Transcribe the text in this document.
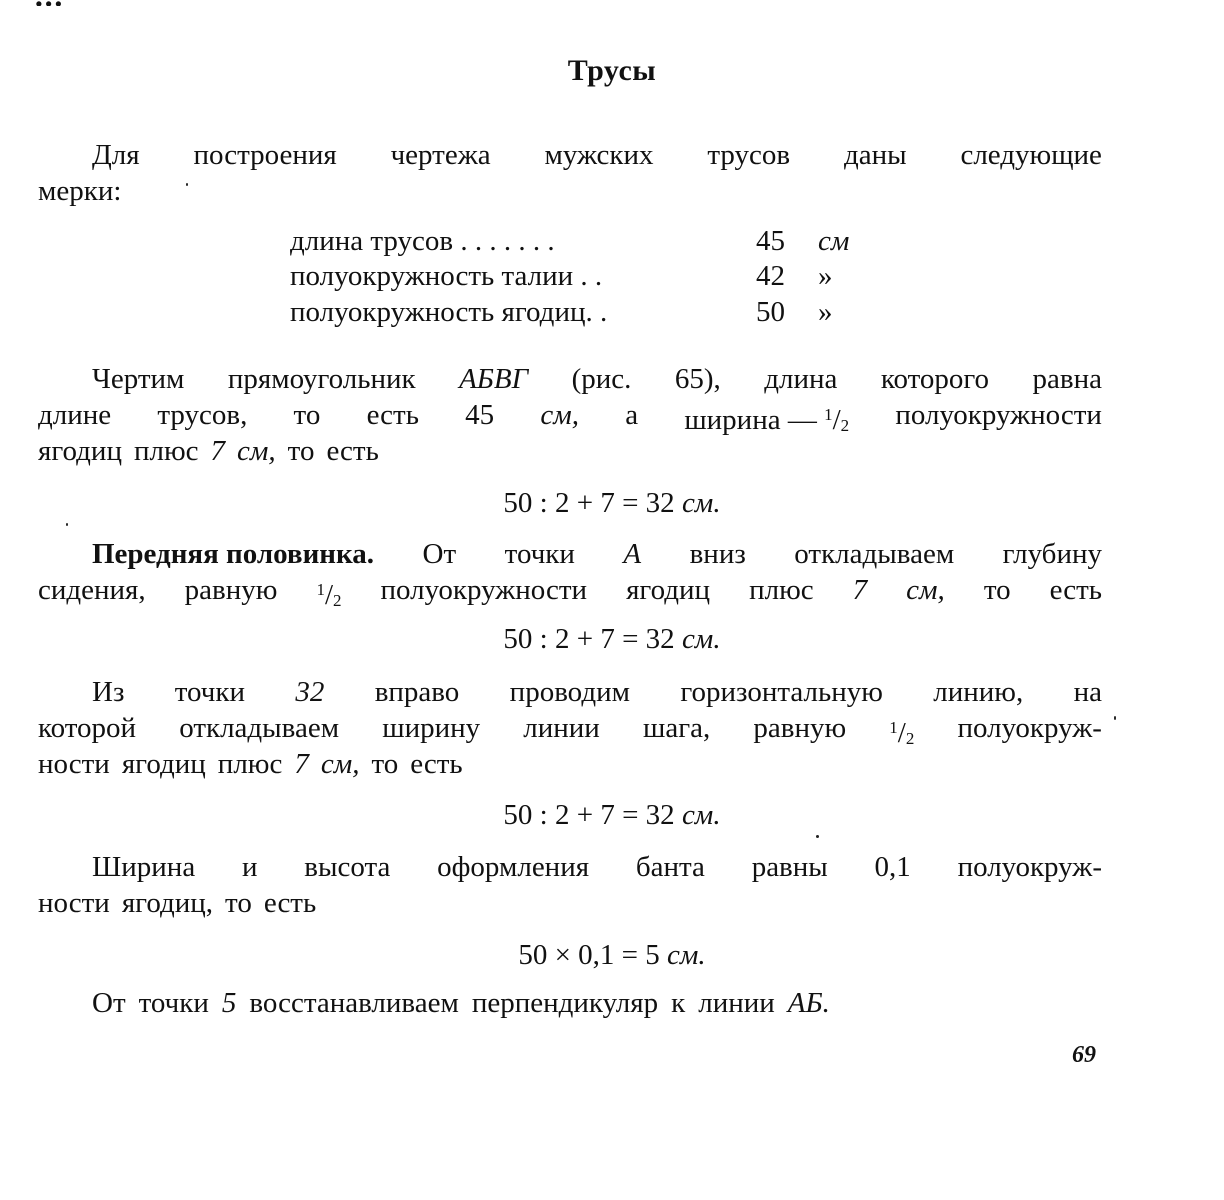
Трусы
Для построения чертежа мужских трусов даны следующие
мерки:
длина трусов . . . . . . .	45 см
полуокружность талии . .	42 »
полуокружность ягодиц. .	50 »
Чертим прямоугольник АБВГ (рис. 65), длина которого равна
длине трусов, то есть 45 см, а ширина — $^1/_2$ полуокружности
ягодиц плюс 7 см, то есть
50 : 2 + 7 = 32 см.
Передняя половинка. От точки А вниз откладываем глубину
сидения, равную $^1/_2$ полуокружности ягодиц плюс 7 см, то есть
50 : 2 + 7 = 32 см.
Из точки 32 вправо проводим горизонтальную линию, на
которой откладываем ширину линии шага, равную	$^1/_2$ полуокруж-
ности ягодиц плюс 7 см, то есть
50 : 2 + 7 = 32 см.
Ширина и высота оформления банта равны 0,1 полуокруж-
ности ягодиц, то есть
50 × 0,1 = 5 см.
От точки 5 восстанавливаем перпендикуляр к линии АБ.
69
